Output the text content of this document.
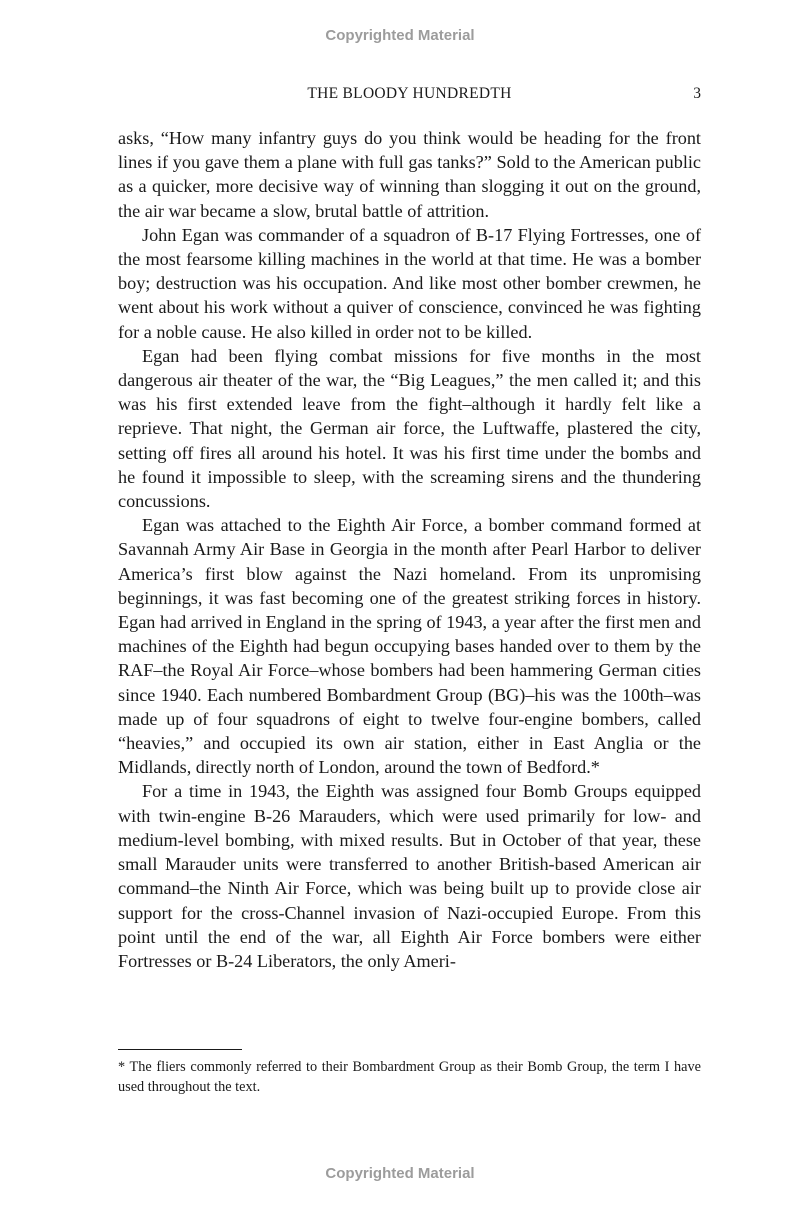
Copyrighted Material
THE BLOODY HUNDREDTH	3

asks, “How many infantry guys do you think would be heading for the front lines if you gave them a plane with full gas tanks?” Sold to the American public as a quicker, more decisive way of winning than slogging it out on the ground, the air war became a slow, brutal battle of attrition.

John Egan was commander of a squadron of B-17 Flying Fortresses, one of the most fearsome killing machines in the world at that time. He was a bomber boy; destruction was his occupation. And like most other bomber crewmen, he went about his work without a quiver of conscience, convinced he was fighting for a noble cause. He also killed in order not to be killed.

Egan had been flying combat missions for five months in the most dangerous air theater of the war, the “Big Leagues,” the men called it; and this was his first extended leave from the fight–although it hardly felt like a reprieve. That night, the German air force, the Luftwaffe, plastered the city, setting off fires all around his hotel. It was his first time under the bombs and he found it impossible to sleep, with the screaming sirens and the thundering concussions.

Egan was attached to the Eighth Air Force, a bomber command formed at Savannah Army Air Base in Georgia in the month after Pearl Harbor to deliver America’s first blow against the Nazi homeland. From its unpromising beginnings, it was fast becoming one of the greatest striking forces in history. Egan had arrived in England in the spring of 1943, a year after the first men and machines of the Eighth had begun occupying bases handed over to them by the RAF–the Royal Air Force–whose bombers had been hammering German cities since 1940. Each numbered Bombardment Group (BG)–his was the 100th–was made up of four squadrons of eight to twelve four-engine bombers, called “heavies,” and occupied its own air station, either in East Anglia or the Midlands, directly north of London, around the town of Bedford.*

For a time in 1943, the Eighth was assigned four Bomb Groups equipped with twin-engine B-26 Marauders, which were used primarily for low- and medium-level bombing, with mixed results. But in October of that year, these small Marauder units were transferred to another British-based American air command–the Ninth Air Force, which was being built up to provide close air support for the cross-Channel invasion of Nazi-occupied Europe. From this point until the end of the war, all Eighth Air Force bombers were either Fortresses or B-24 Liberators, the only Ameri-

* The fliers commonly referred to their Bombardment Group as their Bomb Group, the term I have used throughout the text.
Copyrighted Material
